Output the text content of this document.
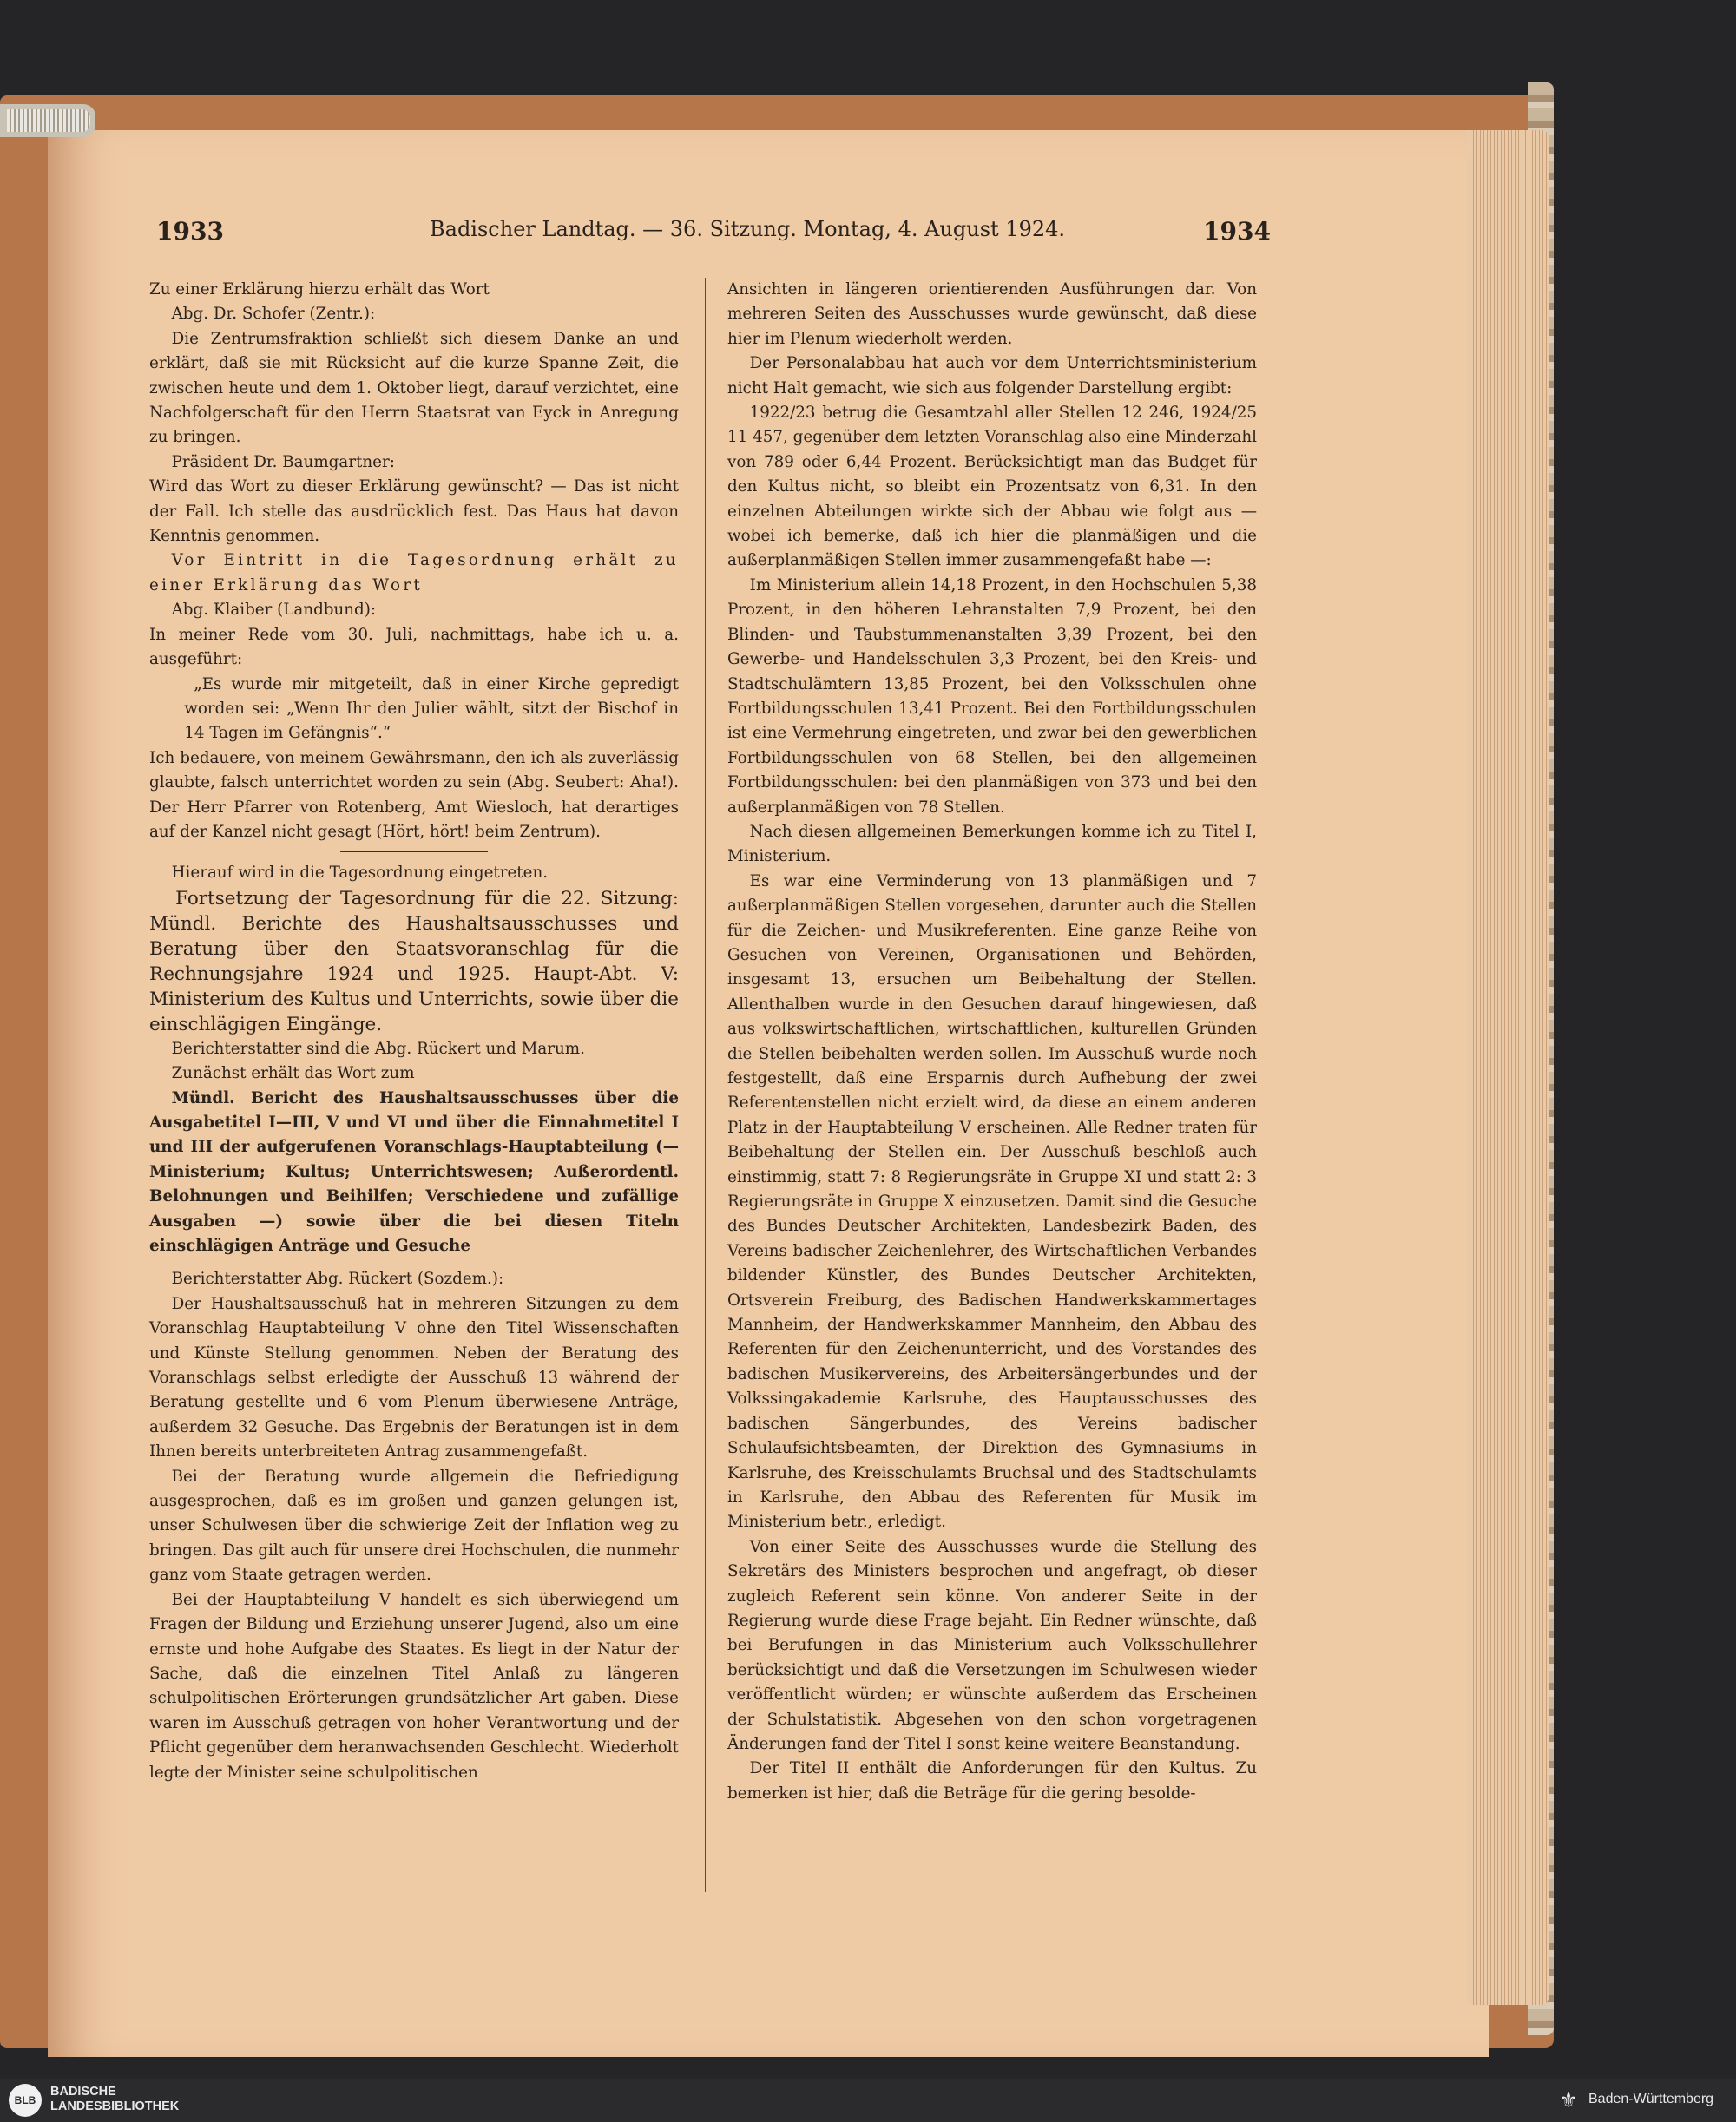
1933	Badischer Landtag. — 36. Sitzung. Montag, 4. August 1924.	1934

Zu einer Erklärung hierzu erhält das Wort

Abg. Dr. Schofer (Zentr.):

Die Zentrumsfraktion schließt sich diesem Danke an und erklärt, daß sie mit Rücksicht auf die kurze Spanne Zeit, die zwischen heute und dem 1. Oktober liegt, darauf verzichtet, eine Nachfolgerschaft für den Herrn Staatsrat van Eyck in Anregung zu bringen.

Präsident Dr. Baumgartner:

Wird das Wort zu dieser Erklärung gewünscht? — Das ist nicht der Fall. Ich stelle das ausdrücklich fest. Das Haus hat davon Kenntnis genommen.

Vor Eintritt in die Tagesordnung erhält zu einer Erklärung das Wort

Abg. Klaiber (Landbund):

In meiner Rede vom 30. Juli, nachmittags, habe ich u. a. ausgeführt:

„Es wurde mir mitgeteilt, daß in einer Kirche gepredigt worden sei: „Wenn Ihr den Julier wählt, sitzt der Bischof in 14 Tagen im Gefängnis“.“

Ich bedauere, von meinem Gewährsmann, den ich als zuverlässig glaubte, falsch unterrichtet worden zu sein (Abg. Seubert: Aha!). Der Herr Pfarrer von Rotenberg, Amt Wiesloch, hat derartiges auf der Kanzel nicht gesagt (Hört, hört! beim Zentrum).

Hierauf wird in die Tagesordnung eingetreten.

Fortsetzung der Tagesordnung für die 22. Sitzung: Mündl. Berichte des Haushaltsausschusses und Beratung über den Staatsvoranschlag für die Rechnungsjahre 1924 und 1925. Haupt-Abt. V: Ministerium des Kultus und Unterrichts, sowie über die einschlägigen Eingänge.

Berichterstatter sind die Abg. Rückert und Marum.

Zunächst erhält das Wort zum

Mündl. Bericht des Haushaltsausschusses über die Ausgabetitel I—III, V und VI und über die Einnahmetitel I und III der aufgerufenen Voranschlags-Hauptabteilung (— Ministerium; Kultus; Unterrichtswesen; Außerordentl. Belohnungen und Beihilfen; Verschiedene und zufällige Ausgaben —) sowie über die bei diesen Titeln einschlägigen Anträge und Gesuche

Berichterstatter Abg. Rückert (Sozdem.):

Der Haushaltsausschuß hat in mehreren Sitzungen zu dem Voranschlag Hauptabteilung V ohne den Titel Wissenschaften und Künste Stellung genommen. Neben der Beratung des Voranschlags selbst erledigte der Ausschuß 13 während der Beratung gestellte und 6 vom Plenum überwiesene Anträge, außerdem 32 Gesuche. Das Ergebnis der Beratungen ist in dem Ihnen bereits unterbreiteten Antrag zusammengefaßt.

Bei der Beratung wurde allgemein die Befriedigung ausgesprochen, daß es im großen und ganzen gelungen ist, unser Schulwesen über die schwierige Zeit der Inflation weg zu bringen. Das gilt auch für unsere drei Hochschulen, die nunmehr ganz vom Staate getragen werden.

Bei der Hauptabteilung V handelt es sich überwiegend um Fragen der Bildung und Erziehung unserer Jugend, also um eine ernste und hohe Aufgabe des Staates. Es liegt in der Natur der Sache, daß die einzelnen Titel Anlaß zu längeren schulpolitischen Erörterungen grundsätzlicher Art gaben. Diese waren im Ausschuß getragen von hoher Verantwortung und der Pflicht gegenüber dem heranwachsenden Geschlecht. Wiederholt legte der Minister seine schulpolitischen

Ansichten in längeren orientierenden Ausführungen dar. Von mehreren Seiten des Ausschusses wurde gewünscht, daß diese hier im Plenum wiederholt werden.

Der Personalabbau hat auch vor dem Unterrichtsministerium nicht Halt gemacht, wie sich aus folgender Darstellung ergibt:

1922/23 betrug die Gesamtzahl aller Stellen 12 246, 1924/25 11 457, gegenüber dem letzten Voranschlag also eine Minderzahl von 789 oder 6,44 Prozent. Berücksichtigt man das Budget für den Kultus nicht, so bleibt ein Prozentsatz von 6,31. In den einzelnen Abteilungen wirkte sich der Abbau wie folgt aus — wobei ich bemerke, daß ich hier die planmäßigen und die außerplanmäßigen Stellen immer zusammengefaßt habe —:

Im Ministerium allein 14,18 Prozent, in den Hochschulen 5,38 Prozent, in den höheren Lehranstalten 7,9 Prozent, bei den Blinden- und Taubstummenanstalten 3,39 Prozent, bei den Gewerbe- und Handelsschulen 3,3 Prozent, bei den Kreis- und Stadtschulämtern 13,85 Prozent, bei den Volksschulen ohne Fortbildungsschulen 13,41 Prozent. Bei den Fortbildungsschulen ist eine Vermehrung eingetreten, und zwar bei den gewerblichen Fortbildungsschulen von 68 Stellen, bei den allgemeinen Fortbildungsschulen: bei den planmäßigen von 373 und bei den außerplanmäßigen von 78 Stellen.

Nach diesen allgemeinen Bemerkungen komme ich zu Titel I, Ministerium.

Es war eine Verminderung von 13 planmäßigen und 7 außerplanmäßigen Stellen vorgesehen, darunter auch die Stellen für die Zeichen- und Musikreferenten. Eine ganze Reihe von Gesuchen von Vereinen, Organisationen und Behörden, insgesamt 13, ersuchen um Beibehaltung der Stellen. Allenthalben wurde in den Gesuchen darauf hingewiesen, daß aus volkswirtschaftlichen, wirtschaftlichen, kulturellen Gründen die Stellen beibehalten werden sollen. Im Ausschuß wurde noch festgestellt, daß eine Ersparnis durch Aufhebung der zwei Referentenstellen nicht erzielt wird, da diese an einem anderen Platz in der Hauptabteilung V erscheinen. Alle Redner traten für Beibehaltung der Stellen ein. Der Ausschuß beschloß auch einstimmig, statt 7: 8 Regierungsräte in Gruppe XI und statt 2: 3 Regierungsräte in Gruppe X einzusetzen. Damit sind die Gesuche des Bundes Deutscher Architekten, Landesbezirk Baden, des Vereins badischer Zeichenlehrer, des Wirtschaftlichen Verbandes bildender Künstler, des Bundes Deutscher Architekten, Ortsverein Freiburg, des Badischen Handwerkskammertages Mannheim, der Handwerkskammer Mannheim, den Abbau des Referenten für den Zeichenunterricht, und des Vorstandes des badischen Musikervereins, des Arbeitersängerbundes und der Volkssingakademie Karlsruhe, des Hauptausschusses des badischen Sängerbundes, des Vereins badischer Schulaufsichtsbeamten, der Direktion des Gymnasiums in Karlsruhe, des Kreisschulamts Bruchsal und des Stadtschulamts in Karlsruhe, den Abbau des Referenten für Musik im Ministerium betr., erledigt.

Von einer Seite des Ausschusses wurde die Stellung des Sekretärs des Ministers besprochen und angefragt, ob dieser zugleich Referent sein könne. Von anderer Seite in der Regierung wurde diese Frage bejaht. Ein Redner wünschte, daß bei Berufungen in das Ministerium auch Volksschullehrer berücksichtigt und daß die Versetzungen im Schulwesen wieder veröffentlicht würden; er wünschte außerdem das Erscheinen der Schulstatistik. Abgesehen von den schon vorgetragenen Änderungen fand der Titel I sonst keine weitere Beanstandung.

Der Titel II enthält die Anforderungen für den Kultus. Zu bemerken ist hier, daß die Beträge für die gering besolde-

BLB
BADISCHE
LANDESBIBLIOTHEK	⚜ Baden-Württemberg
